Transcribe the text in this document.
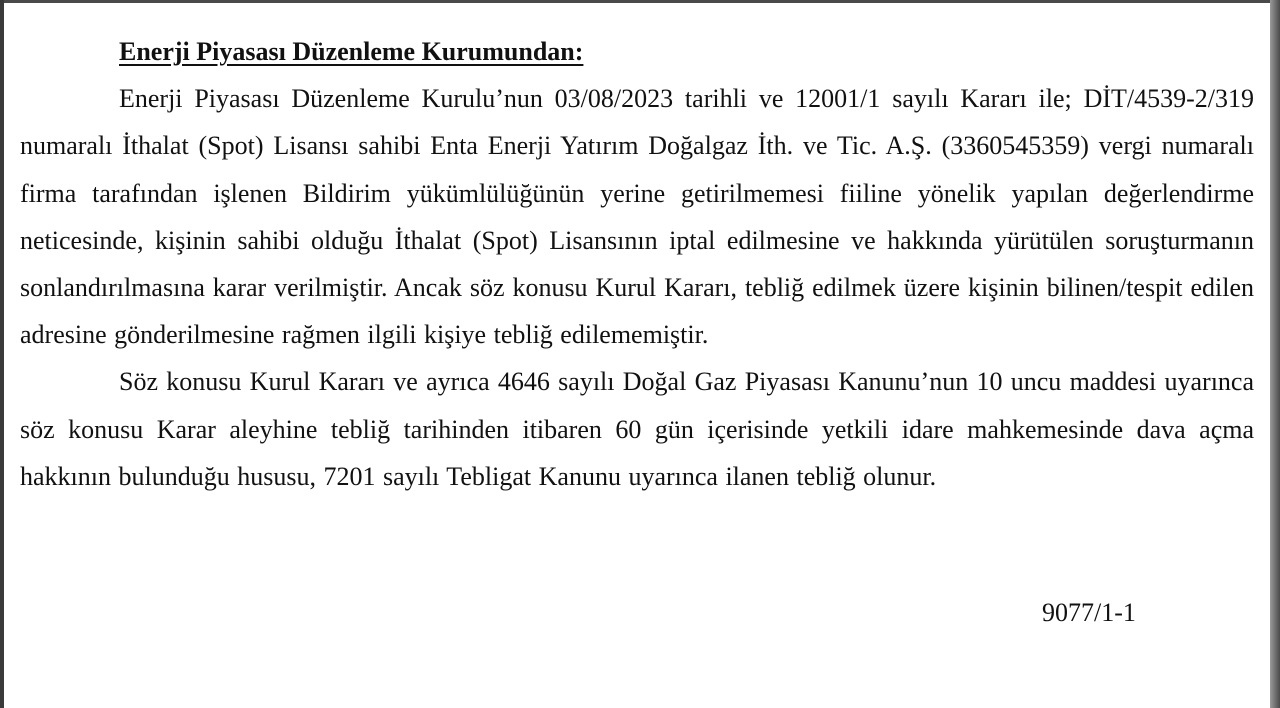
Enerji Piyasası Düzenleme Kurumundan:

Enerji Piyasası Düzenleme Kurulu’nun 03/08/2023 tarihli ve 12001/1 sayılı Kararı ile; DİT/4539-2/319 numaralı İthalat (Spot) Lisansı sahibi Enta Enerji Yatırım Doğalgaz İth. ve Tic. A.Ş. (3360545359) vergi numaralı firma tarafından işlenen Bildirim yükümlülüğünün yerine getirilmemesi fiiline yönelik yapılan değerlendirme neticesinde, kişinin sahibi olduğu İthalat (Spot) Lisansının iptal edilmesine ve hakkında yürütülen soruşturmanın sonlandırılmasına karar verilmiştir. Ancak söz konusu Kurul Kararı, tebliğ edilmek üzere kişinin bilinen/tespit edilen adresine gönderilmesine rağmen ilgili kişiye tebliğ edilememiştir.

Söz konusu Kurul Kararı ve ayrıca 4646 sayılı Doğal Gaz Piyasası Kanunu’nun 10 uncu maddesi uyarınca söz konusu Karar aleyhine tebliğ tarihinden itibaren 60 gün içerisinde yetkili idare mahkemesinde dava açma hakkının bulunduğu hususu, 7201 sayılı Tebligat Kanunu uyarınca ilanen tebliğ olunur.

9077/1-1
